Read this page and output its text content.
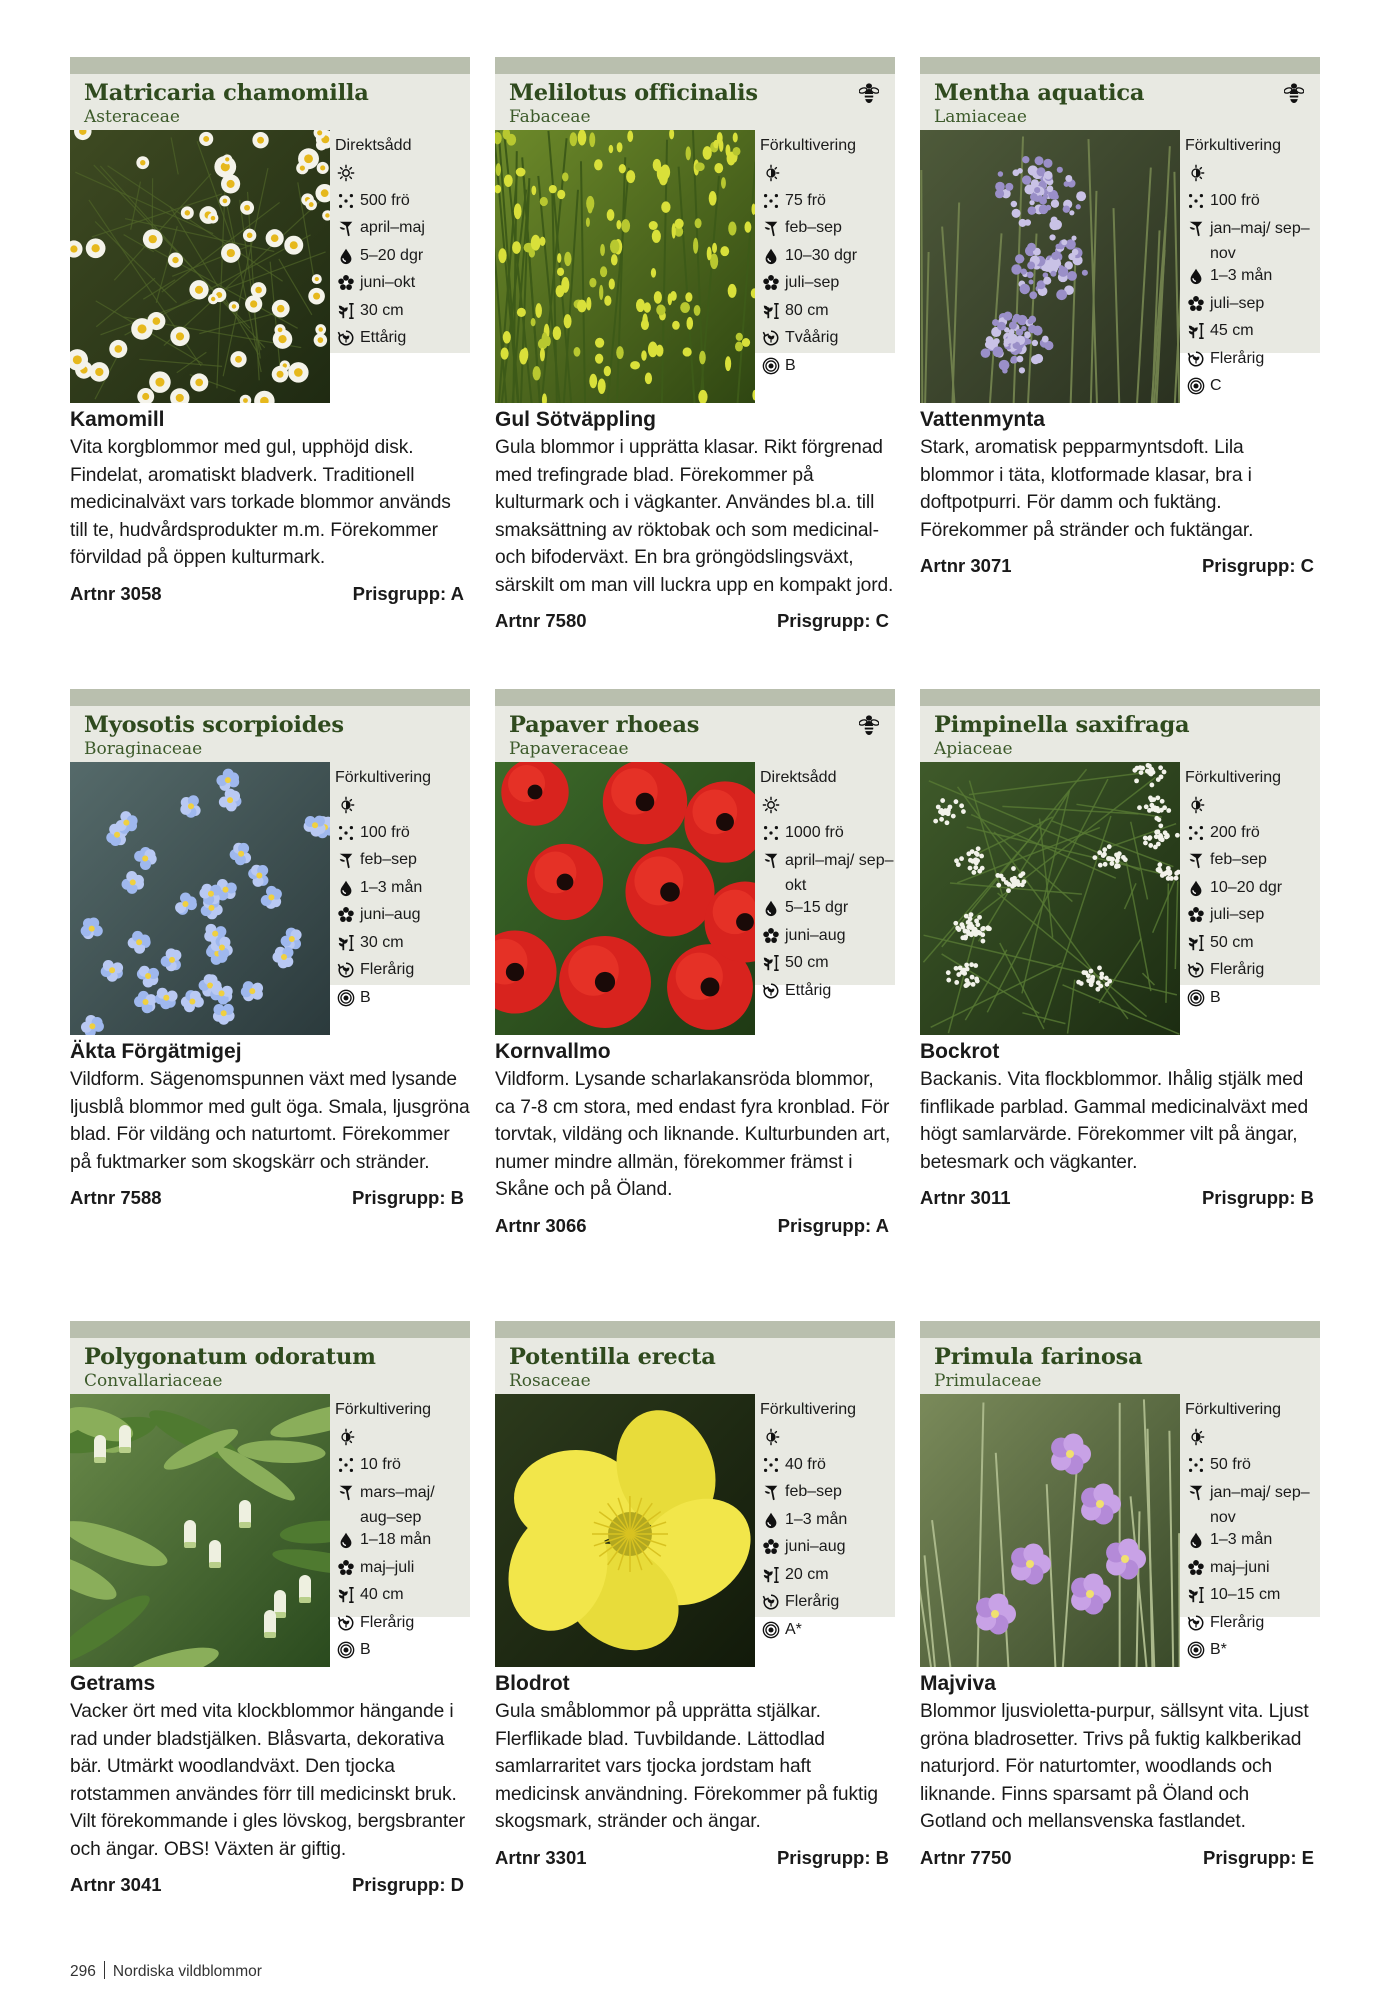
Matricaria chamomilla
Asteraceae
Direktsådd
500 frö
april–maj
5–20 dgr
juni–okt
30 cm
Ettårig
Kamomill
Vita korgblommor med gul, upphöjd disk. Findelat, aromatiskt bladverk. Traditionell medicinalväxt vars torkade blommor används till te, hudvårdsprodukter m.m. Förekommer förvildad på öppen kulturmark.
Artnr 3058	Prisgrupp: A
Melilotus officinalis
Fabaceae
Förkultivering
75 frö
feb–sep
10–30 dgr
juli–sep
80 cm
Tvåårig
B
Gul Sötväppling
Gula blommor i upprätta klasar. Rikt förgrenad med trefingrade blad. Förekommer på kulturmark och i vägkanter. Användes bl.a. till smaksättning av röktobak och som medicinal- och bifoderväxt. En bra gröngödslingsväxt, särskilt om man vill luckra upp en kompakt jord.
Artnr 7580	Prisgrupp: C
Mentha aquatica
Lamiaceae
Förkultivering
100 frö
jan–maj/ sep–nov
1–3 mån
juli–sep
45 cm
Flerårig
C
Vattenmynta
Stark, aromatisk pepparmyntsdoft. Lila blommor i täta, klotformade klasar, bra i doftpotpurri. För damm och fuktäng. Förekommer på stränder och fuktängar.
Artnr 3071	Prisgrupp: C
Myosotis scorpioides
Boraginaceae
Förkultivering
100 frö
feb–sep
1–3 mån
juni–aug
30 cm
Flerårig
B
Äkta Förgätmigej
Vildform. Sägenomspunnen växt med lysande ljusblå blommor med gult öga. Smala, ljusgröna blad. För vildäng och naturtomt. Förekommer på fuktmarker som skogskärr och stränder.
Artnr 7588	Prisgrupp: B
Papaver rhoeas
Papaveraceae
Direktsådd
1000 frö
april–maj/ sep–okt
5–15 dgr
juni–aug
50 cm
Ettårig
Kornvallmo
Vildform. Lysande scharlakansröda blommor, ca 7-8 cm stora, med endast fyra kronblad. För torvtak, vildäng och liknande. Kulturbunden art, numer mindre allmän, förekommer främst i Skåne och på Öland.
Artnr 3066	Prisgrupp: A
Pimpinella saxifraga
Apiaceae
Förkultivering
200 frö
feb–sep
10–20 dgr
juli–sep
50 cm
Flerårig
B
Bockrot
Backanis. Vita flockblommor. Ihålig stjälk med finflikade parblad. Gammal medicinalväxt med högt samlarvärde. Förekommer vilt på ängar, betesmark och vägkanter.
Artnr 3011	Prisgrupp: B
Polygonatum odoratum
Convallariaceae
Förkultivering
10 frö
mars–maj/ aug–sep
1–18 mån
maj–juli
40 cm
Flerårig
B
Getrams
Vacker ört med vita klockblommor hängande i rad under bladstjälken. Blåsvarta, dekorativa bär. Utmärkt woodlandväxt. Den tjocka rotstammen användes förr till medicinskt bruk. Vilt förekommande i gles lövskog, bergsbranter och ängar. OBS! Växten är giftig.
Artnr 3041	Prisgrupp: D
Potentilla erecta
Rosaceae
Förkultivering
40 frö
feb–sep
1–3 mån
juni–aug
20 cm
Flerårig
A*
Blodrot
Gula småblommor på upprätta stjälkar. Flerflikade blad. Tuvbildande. Lättodlad samlarraritet vars tjocka jordstam haft medicinsk användning. Förekommer på fuktig skogsmark, stränder och ängar.
Artnr 3301	Prisgrupp: B
Primula farinosa
Primulaceae
Förkultivering
50 frö
jan–maj/ sep–nov
1–3 mån
maj–juni
10–15 cm
Flerårig
B*
Majviva
Blommor ljusvioletta-purpur, sällsynt vita. Ljust gröna bladrosetter. Trivs på fuktig kalkberikad naturjord. För naturtomter, woodlands och liknande. Finns sparsamt på Öland och Gotland och mellansvenska fastlandet.
Artnr 7750	Prisgrupp: E
296 Nordiska vildblommor
